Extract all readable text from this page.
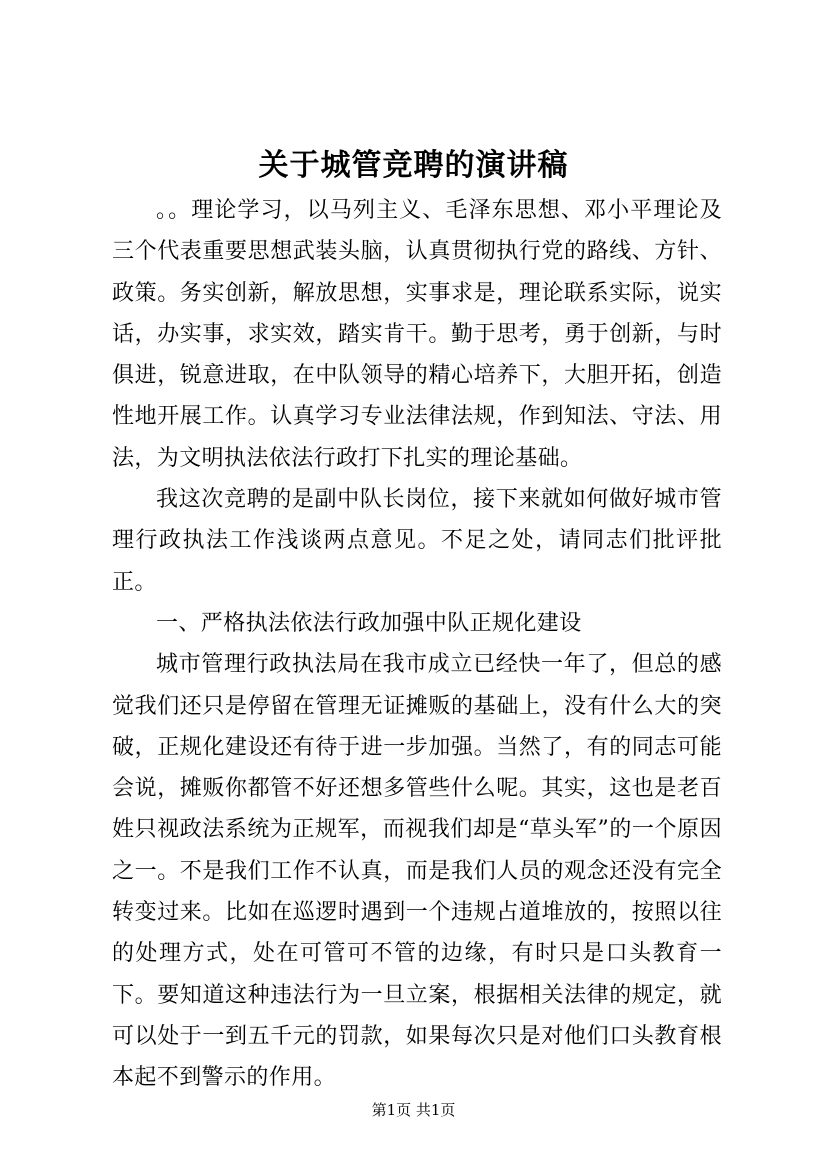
关于城管竞聘的演讲稿

。。理论学习，以马列主义、毛泽东思想、邓小平理论及三个代表重要思想武装头脑，认真贯彻执行党的路线、方针、政策。务实创新，解放思想，实事求是，理论联系实际，说实话，办实事，求实效，踏实肯干。勤于思考，勇于创新，与时俱进，锐意进取，在中队领导的精心培养下，大胆开拓，创造性地开展工作。认真学习专业法律法规，作到知法、守法、用法，为文明执法依法行政打下扎实的理论基础。

我这次竞聘的是副中队长岗位，接下来就如何做好城市管理行政执法工作浅谈两点意见。不足之处，请同志们批评批正。

一、严格执法依法行政加强中队正规化建设

城市管理行政执法局在我市成立已经快一年了，但总的感觉我们还只是停留在管理无证摊贩的基础上，没有什么大的突破，正规化建设还有待于进一步加强。当然了，有的同志可能会说，摊贩你都管不好还想多管些什么呢。其实，这也是老百姓只视政法系统为正规军，而视我们却是“草头军”的一个原因之一。不是我们工作不认真，而是我们人员的观念还没有完全转变过来。比如在巡逻时遇到一个违规占道堆放的，按照以往的处理方式，处在可管可不管的边缘，有时只是口头教育一下。要知道这种违法行为一旦立案，根据相关法律的规定，就可以处于一到五千元的罚款，如果每次只是对他们口头教育根本起不到警示的作用。

第1页 共1页
